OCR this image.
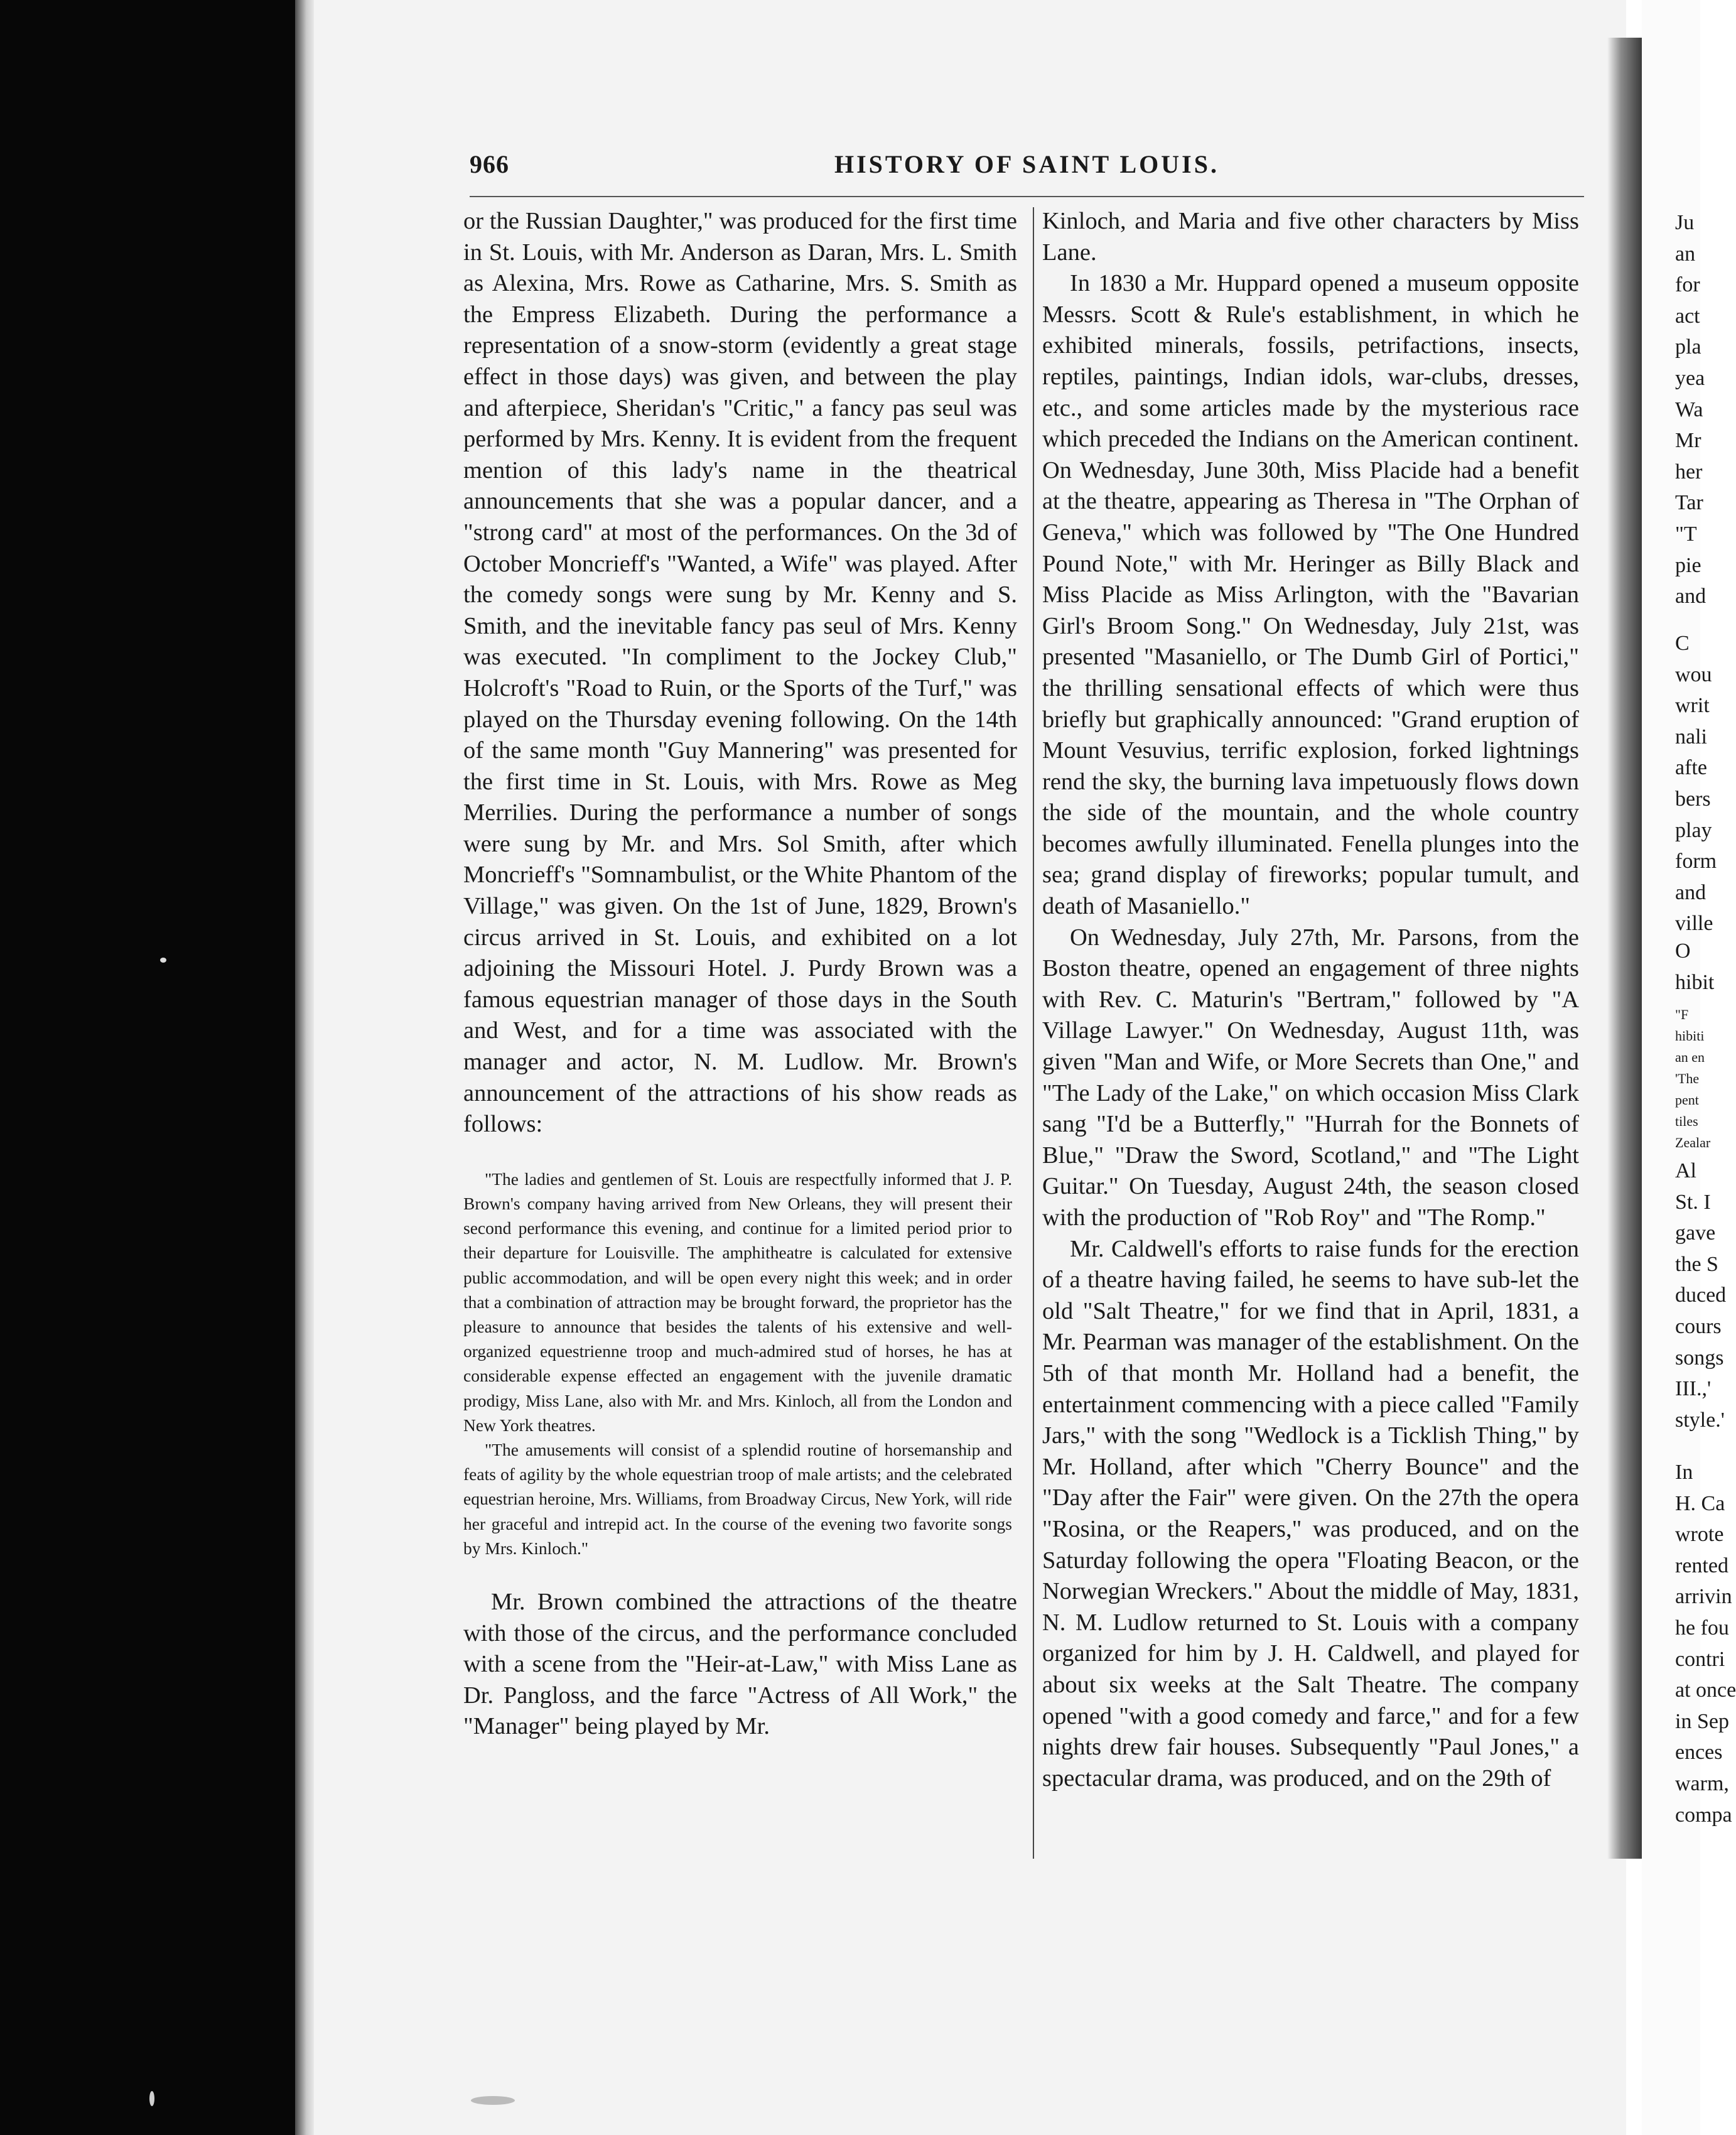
966	HISTORY OF SAINT LOUIS.

or the Russian Daughter," was produced for the first time in St. Louis, with Mr. Anderson as Daran, Mrs. L. Smith as Alexina, Mrs. Rowe as Catharine, Mrs. S. Smith as the Empress Elizabeth. During the performance a representation of a snow-storm (evidently a great stage effect in those days) was given, and between the play and afterpiece, Sheridan's "Critic," a fancy pas seul was performed by Mrs. Kenny. It is evident from the frequent mention of this lady's name in the theatrical announcements that she was a popular dancer, and a "strong card" at most of the performances. On the 3d of October Moncrieff's "Wanted, a Wife" was played. After the comedy songs were sung by Mr. Kenny and S. Smith, and the inevitable fancy pas seul of Mrs. Kenny was executed. "In compliment to the Jockey Club," Holcroft's "Road to Ruin, or the Sports of the Turf," was played on the Thursday evening following. On the 14th of the same month "Guy Mannering" was presented for the first time in St. Louis, with Mrs. Rowe as Meg Merrilies. During the performance a number of songs were sung by Mr. and Mrs. Sol Smith, after which Moncrieff's "Somnambulist, or the White Phantom of the Village," was given. On the 1st of June, 1829, Brown's circus arrived in St. Louis, and exhibited on a lot adjoining the Missouri Hotel. J. Purdy Brown was a famous equestrian manager of those days in the South and West, and for a time was associated with the manager and actor, N. M. Ludlow. Mr. Brown's announcement of the attractions of his show reads as follows:

"The ladies and gentlemen of St. Louis are respectfully informed that J. P. Brown's company having arrived from New Orleans, they will present their second performance this evening, and continue for a limited period prior to their departure for Louisville. The amphitheatre is calculated for extensive public accommodation, and will be open every night this week; and in order that a combination of attraction may be brought forward, the proprietor has the pleasure to announce that besides the talents of his extensive and well-organized equestrienne troop and much-admired stud of horses, he has at considerable expense effected an engagement with the juvenile dramatic prodigy, Miss Lane, also with Mr. and Mrs. Kinloch, all from the London and New York theatres.

"The amusements will consist of a splendid routine of horsemanship and feats of agility by the whole equestrian troop of male artists; and the celebrated equestrian heroine, Mrs. Williams, from Broadway Circus, New York, will ride her graceful and intrepid act. In the course of the evening two favorite songs by Mrs. Kinloch."

Mr. Brown combined the attractions of the theatre with those of the circus, and the performance concluded with a scene from the "Heir-at-Law," with Miss Lane as Dr. Pangloss, and the farce "Actress of All Work," the "Manager" being played by Mr.

Kinloch, and Maria and five other characters by Miss Lane.

In 1830 a Mr. Huppard opened a museum opposite Messrs. Scott & Rule's establishment, in which he exhibited minerals, fossils, petrifactions, insects, reptiles, paintings, Indian idols, war-clubs, dresses, etc., and some articles made by the mysterious race which preceded the Indians on the American continent. On Wednesday, June 30th, Miss Placide had a benefit at the theatre, appearing as Theresa in "The Orphan of Geneva," which was followed by "The One Hundred Pound Note," with Mr. Heringer as Billy Black and Miss Placide as Miss Arlington, with the "Bavarian Girl's Broom Song." On Wednesday, July 21st, was presented "Masaniello, or The Dumb Girl of Portici," the thrilling sensational effects of which were thus briefly but graphically announced: "Grand eruption of Mount Vesuvius, terrific explosion, forked lightnings rend the sky, the burning lava impetuously flows down the side of the mountain, and the whole country becomes awfully illuminated. Fenella plunges into the sea; grand display of fireworks; popular tumult, and death of Masaniello."

On Wednesday, July 27th, Mr. Parsons, from the Boston theatre, opened an engagement of three nights with Rev. C. Maturin's "Bertram," followed by "A Village Lawyer." On Wednesday, August 11th, was given "Man and Wife, or More Secrets than One," and "The Lady of the Lake," on which occasion Miss Clark sang "I'd be a Butterfly," "Hurrah for the Bonnets of Blue," "Draw the Sword, Scotland," and "The Light Guitar." On Tuesday, August 24th, the season closed with the production of "Rob Roy" and "The Romp."

Mr. Caldwell's efforts to raise funds for the erection of a theatre having failed, he seems to have sub-let the old "Salt Theatre," for we find that in April, 1831, a Mr. Pearman was manager of the establishment. On the 5th of that month Mr. Holland had a benefit, the entertainment commencing with a piece called "Family Jars," with the song "Wedlock is a Ticklish Thing," by Mr. Holland, after which "Cherry Bounce" and the "Day after the Fair" were given. On the 27th the opera "Rosina, or the Reapers," was produced, and on the Saturday following the opera "Floating Beacon, or the Norwegian Wreckers." About the middle of May, 1831, N. M. Ludlow returned to St. Louis with a company organized for him by J. H. Caldwell, and played for about six weeks at the Salt Theatre. The company opened "with a good comedy and farce," and for a few nights drew fair houses. Subsequently "Paul Jones," a spectacular drama, was produced, and on the 29th of

Ju
an
for
act
pla
yea
Wa
Mr
her
Tar
"T
pie
and
C
wou
writ
nali
afte
bers
play
form
and
ville
O
hibit
"F
hibiti
an en
'The
pent
tiles
Zealar
Al
St. I
gave
the S
duced
cours
songs
III.,'
style.'
In
H. Ca
wrote
rented
arrivin
he fou
contri
at once
in Sep
ences
warm,
compa
